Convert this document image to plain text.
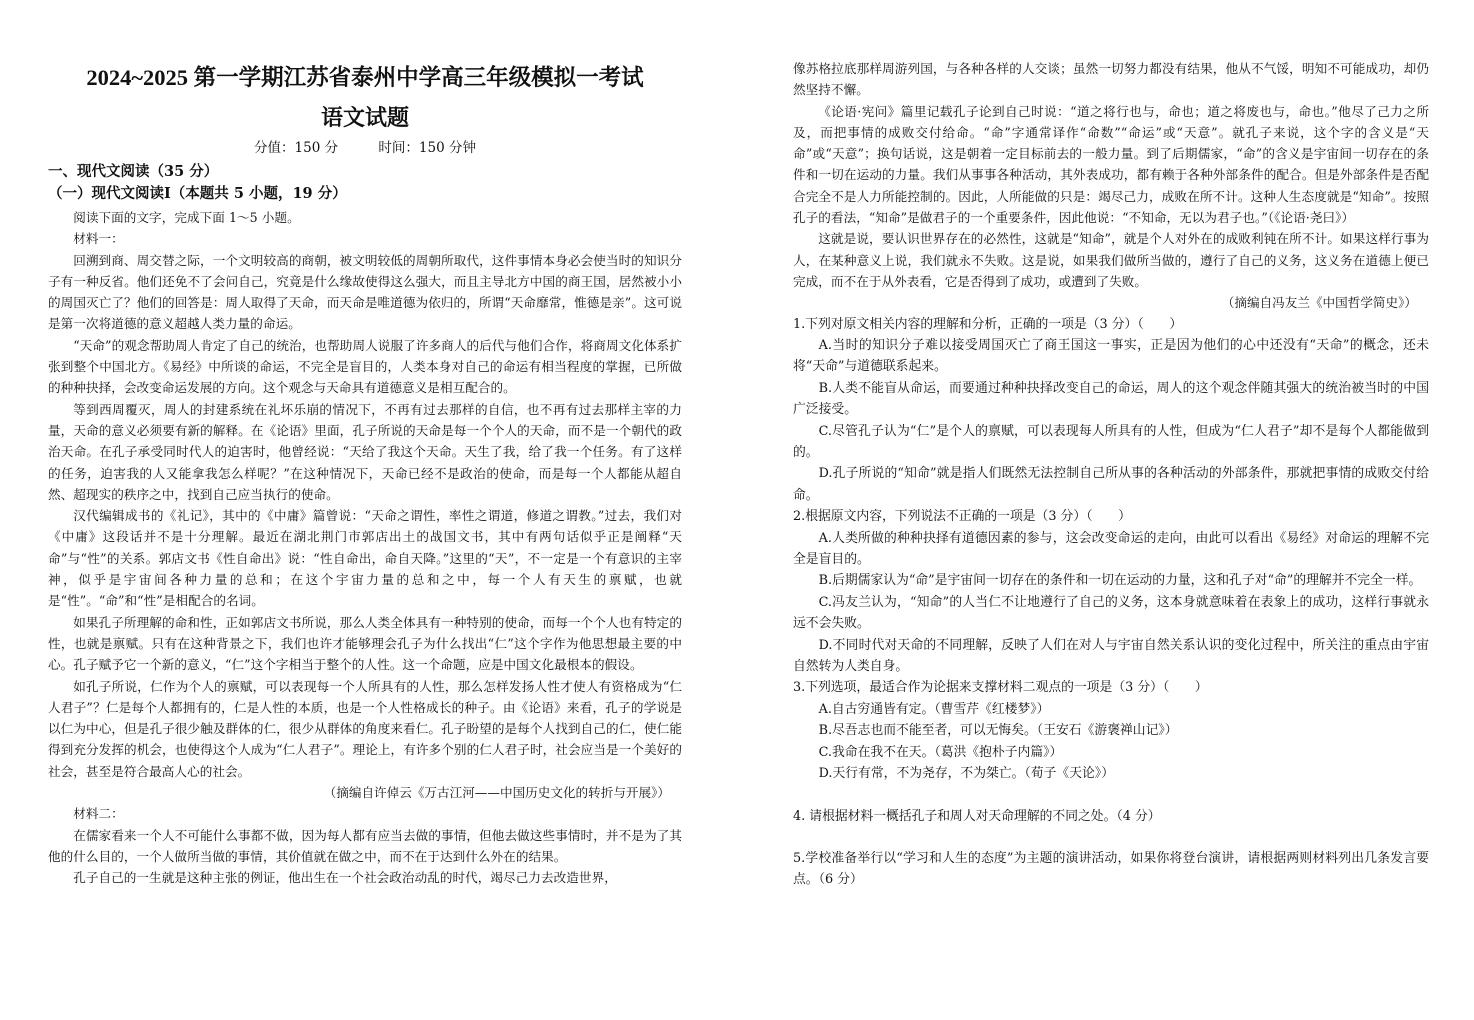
2024~2025 第一学期江苏省泰州中学高三年级模拟一考试
语文试题
分值：150 分	时间：150 分钟
一、现代文阅读（35 分）
（一）现代文阅读Ⅰ（本题共 5 小题，19 分）

阅读下面的文字，完成下面 1～5 小题。

材料一：

回溯到商、周交替之际，一个文明较高的商朝，被文明较低的周朝所取代，这件事情本身必会使当时的知识分子有一种反省。他们还免不了会问自己，究竟是什么缘故使得这么强大，而且主导北方中国的商王国，居然被小小的周国灭亡了？他们的回答是：周人取得了天命，而天命是唯道德为依归的，所谓“天命靡常，惟德是亲”。这可说是第一次将道德的意义超越人类力量的命运。

“天命”的观念帮助周人肯定了自己的统治，也帮助周人说服了许多商人的后代与他们合作，将商周文化体系扩张到整个中国北方。《易经》中所谈的命运，不完全是盲目的，人类本身对自己的命运有相当程度的掌握，已所做的种种抉择，会改变命运发展的方向。这个观念与天命具有道德意义是相互配合的。

等到西周覆灭，周人的封建系统在礼坏乐崩的情况下，不再有过去那样的自信，也不再有过去那样主宰的力量，天命的意义必须要有新的解释。在《论语》里面，孔子所说的天命是每一个个人的天命，而不是一个朝代的政治天命。在孔子承受同时代人的迫害时，他曾经说：“天给了我这个天命。天生了我，给了我一个任务。有了这样的任务，迫害我的人又能拿我怎么样呢？”在这种情况下，天命已经不是政治的使命，而是每一个人都能从超自然、超现实的秩序之中，找到自己应当执行的使命。

汉代编辑成书的《礼记》，其中的《中庸》篇曾说：“天命之谓性，率性之谓道，修道之谓教。”过去，我们对《中庸》这段话并不是十分理解。最近在湖北荆门市郭店出土的战国文书，其中有两句话似乎正是阐释“天命”与“性”的关系。郭店文书《性自命出》说：“性自命出，命自天降。”这里的“天”，不一定是一个有意识的主宰神，似乎是宇宙间各种力量的总和；在这个宇宙力量的总和之中，每一个人有天生的禀赋，也就是“性”。“命”和“性”是相配合的名词。

如果孔子所理解的命和性，正如郭店文书所说，那么人类全体具有一种特别的使命，而每一个个人也有特定的性，也就是禀赋。只有在这种背景之下，我们也许才能够理会孔子为什么找出“仁”这个字作为他思想最主要的中心。孔子赋予它一个新的意义，“仁”这个字相当于整个的人性。这一个命题，应是中国文化最根本的假设。

如孔子所说，仁作为个人的禀赋，可以表现每一个人所具有的人性，那么怎样发扬人性才使人有资格成为“仁人君子”？仁是每个人都拥有的，仁是人性的本质，也是一个人性格成长的种子。由《论语》来看，孔子的学说是以仁为中心，但是孔子很少触及群体的仁，很少从群体的角度来看仁。孔子盼望的是每个人找到自己的仁，使仁能得到充分发挥的机会，也使得这个人成为“仁人君子”。理论上，有许多个别的仁人君子时，社会应当是一个美好的社会，甚至是符合最高人心的社会。

（摘编自许倬云《万古江河——中国历史文化的转折与开展》）

材料二：

在儒家看来一个人不可能什么事都不做，因为每人都有应当去做的事情，但他去做这些事情时，并不是为了其他的什么目的，一个人做所当做的事情，其价值就在做之中，而不在于达到什么外在的结果。

孔子自己的一生就是这种主张的例证，他出生在一个社会政治动乱的时代，竭尽己力去改造世界，

像苏格拉底那样周游列国，与各种各样的人交谈；虽然一切努力都没有结果，他从不气馁，明知不可能成功，却仍然坚持不懈。

《论语·宪问》篇里记载孔子论到自己时说：“道之将行也与，命也；道之将废也与，命也。”他尽了己力之所及，而把事情的成败交付给命。“命”字通常译作“命数”“命运”或“天意”。就孔子来说，这个字的含义是“天命”或“天意”；换句话说，这是朝着一定目标前去的一般力量。到了后期儒家，“命”的含义是宇宙间一切存在的条件和一切在运动的力量。我们从事事各种活动，其外表成功，都有赖于各种外部条件的配合。但是外部条件是否配合完全不是人力所能控制的。因此，人所能做的只是：竭尽己力，成败在所不计。这种人生态度就是“知命”。按照孔子的看法，“知命”是做君子的一个重要条件，因此他说：“不知命，无以为君子也。”（《论语·尧曰》）

这就是说，要认识世界存在的必然性，这就是“知命”，就是个人对外在的成败利钝在所不计。如果这样行事为人，在某种意义上说，我们就永不失败。这是说，如果我们做所当做的，遵行了自己的义务，这义务在道德上便已完成，而不在于从外表看，它是否得到了成功，或遭到了失败。

（摘编自冯友兰《中国哲学简史》）

1.下列对原文相关内容的理解和分析，正确的一项是（3 分）（　　）

A.当时的知识分子难以接受周国灭亡了商王国这一事实，正是因为他们的心中还没有“天命”的概念，还未将“天命”与道德联系起来。

B.人类不能盲从命运，而要通过种种抉择改变自己的命运，周人的这个观念伴随其强大的统治被当时的中国广泛接受。

C.尽管孔子认为“仁”是个人的禀赋，可以表现每人所具有的人性，但成为“仁人君子”却不是每个人都能做到的。

D.孔子所说的“知命”就是指人们既然无法控制自己所从事的各种活动的外部条件，那就把事情的成败交付给命。

2.根据原文内容，下列说法不正确的一项是（3 分）（　　）

A.人类所做的种种抉择有道德因素的参与，这会改变命运的走向，由此可以看出《易经》对命运的理解不完全是盲目的。

B.后期儒家认为“命”是宇宙间一切存在的条件和一切在运动的力量，这和孔子对“命”的理解并不完全一样。

C.冯友兰认为，“知命”的人当仁不让地遵行了自己的义务，这本身就意味着在表象上的成功，这样行事就永远不会失败。

D.不同时代对天命的不同理解，反映了人们在对人与宇宙自然关系认识的变化过程中，所关注的重点由宇宙自然转为人类自身。

3.下列选项，最适合作为论据来支撑材料二观点的一项是（3 分）（　　）

A.自古穷通皆有定。（曹雪芹《红楼梦》）

B.尽吾志也而不能至者，可以无悔矣。（王安石《游褒禅山记》）

C.我命在我不在天。（葛洪《抱朴子内篇》）

D.天行有常，不为尧存，不为桀亡。（荀子《天论》）

4. 请根据材料一概括孔子和周人对天命理解的不同之处。（4 分）

5.学校准备举行以“学习和人生的态度”为主题的演讲活动，如果你将登台演讲，请根据两则材料列出几条发言要点。（6 分）
